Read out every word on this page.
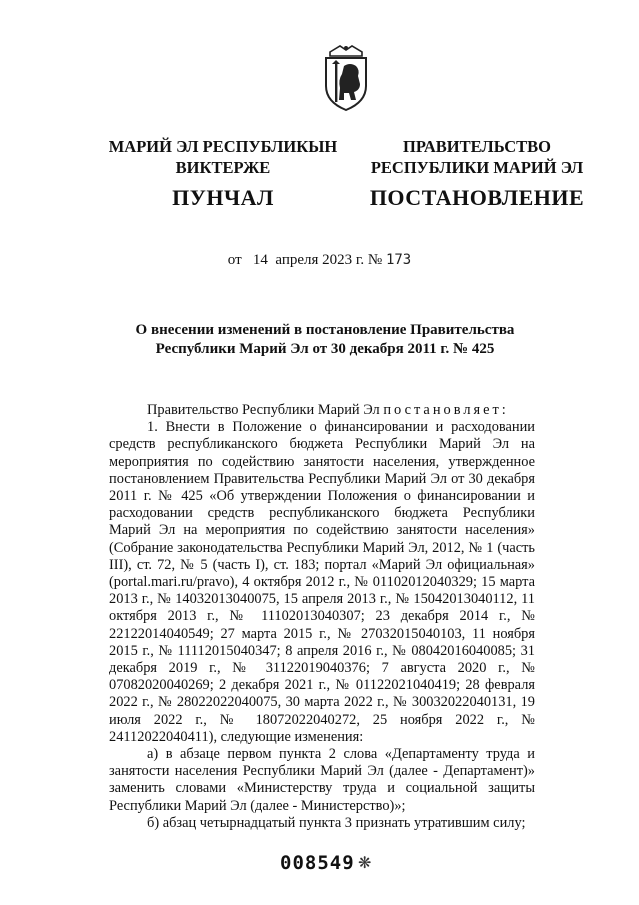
МАРИЙ ЭЛ РЕСПУБЛИКЫН
ВИКТЕРЖЕ
ПУНЧАЛ
ПРАВИТЕЛЬСТВО
РЕСПУБЛИКИ МАРИЙ ЭЛ
ПОСТАНОВЛЕНИЕ
от 14 апреля 2023 г. № 173
О внесении изменений в постановление Правительства
Республики Марий Эл от 30 декабря 2011 г. № 425

Правительство Республики Марий Эл постановляет:

1. Внести в Положение о финансировании и расходовании средств республиканского бюджета Республики Марий Эл на мероприятия по содействию занятости населения, утвержденное постановлением Правительства Республики Марий Эл от 30 декабря 2011 г. № 425 «Об утверждении Положения о финансировании и расходовании средств республиканского бюджета Республики Марий Эл на мероприятия по содействию занятости населения» (Собрание законодательства Республики Марий Эл, 2012, № 1 (часть III), ст. 72, № 5 (часть I), ст. 183; портал «Марий Эл официальная» (portal.mari.ru/pravo), 4 октября 2012 г., № 01102012040329; 15 марта 2013 г., № 14032013040075, 15 апреля 2013 г., № 15042013040112, 11 октября 2013 г., № 11102013040307; 23 декабря 2014 г., № 22122014040549; 27 марта 2015 г., № 27032015040103, 11 ноября 2015 г., № 11112015040347; 8 апреля 2016 г., № 08042016040085; 31 декабря 2019 г., № 31122019040376; 7 августа 2020 г., № 07082020040269; 2 декабря 2021 г., № 01122021040419; 28 февраля 2022 г., № 28022022040075, 30 марта 2022 г., № 30032022040131, 19 июля 2022 г., № 18072022040272, 25 ноября 2022 г., № 24112022040411), следующие изменения:

а) в абзаце первом пункта 2 слова «Департаменту труда и занятости населения Республики Марий Эл (далее - Департамент)» заменить словами «Министерству труда и социальной защиты Республики Марий Эл (далее - Министерство)»;

б) абзац четырнадцатый пункта 3 признать утратившим силу;

008549 ❋
